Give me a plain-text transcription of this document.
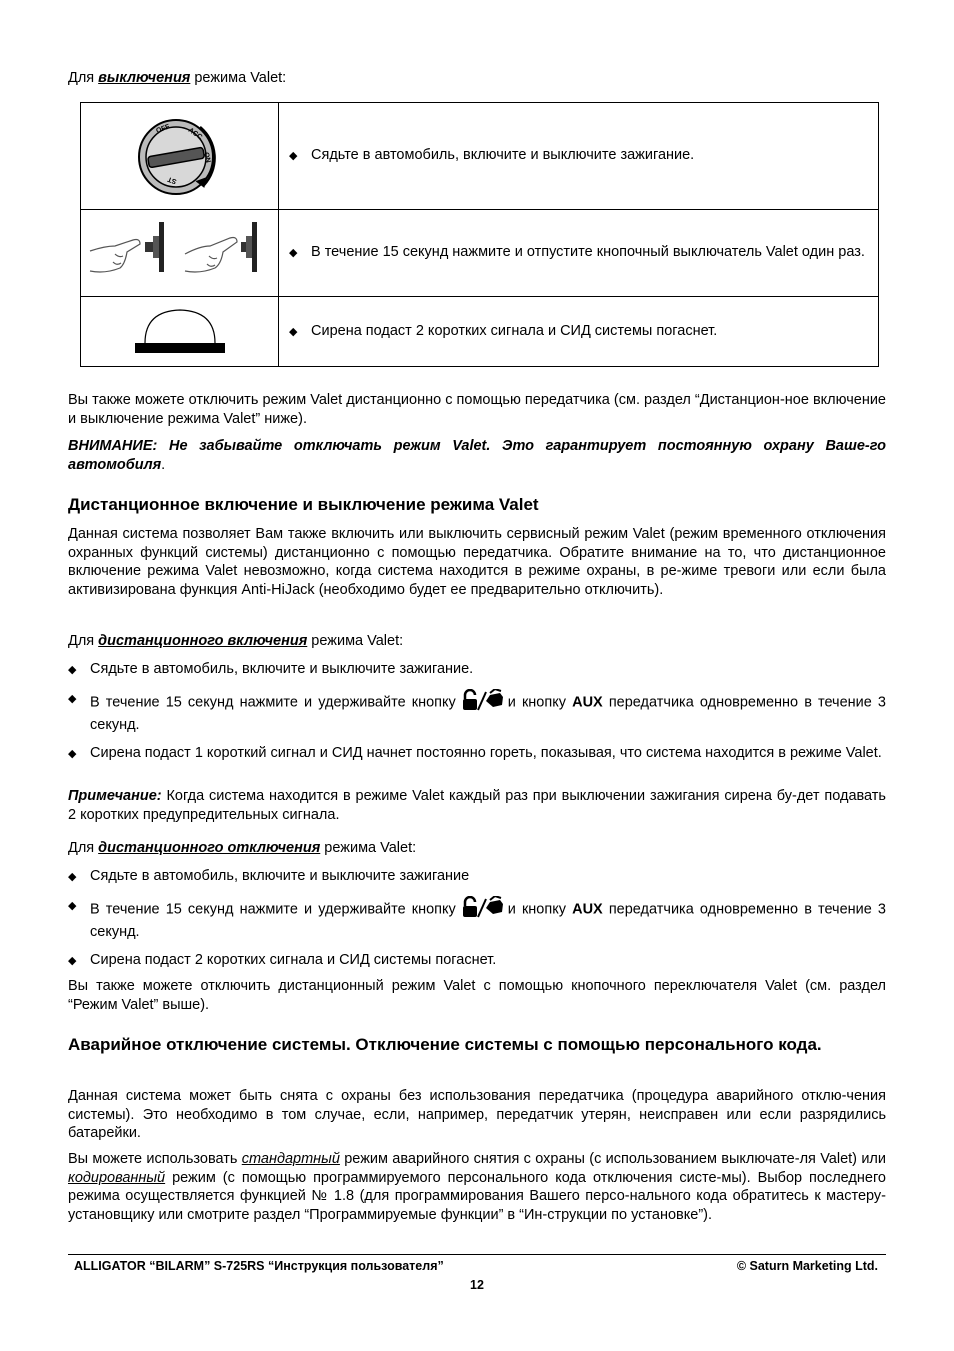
Для выключения режима Valet:

OFF ACC
ON
ST	◆ Сядьте в автомобиль, включите и выключите зажигание.

◆ В течение 15 секунд нажмите и отпустите кнопочный выключатель Valet один раз.

◆ Сирена подаст 2 коротких сигнала и СИД системы погаснет.

Вы также можете отключить режим Valet дистанционно с помощью передатчика (см. раздел “Дистанцион-ное включение и выключение режима Valet” ниже).

ВНИМАНИЕ: Не забывайте отключать режим Valet. Это гарантирует постоянную охрану Ваше-го автомобиля.

Дистанционное включение и выключение режима Valet

Данная система позволяет Вам также включить или выключить сервисный режим Valet (режим временного отключения охранных функций системы) дистанционно с помощью передатчика. Обратите внимание на то, что дистанционное включение режима Valet невозможно, когда система находится в режиме охраны, в ре-жиме тревоги или если была активизирована функция Anti-HiJack (необходимо будет ее предварительно отключить).

Для дистанционного включения режима Valet:

◆ Сядьте в автомобиль, включите и выключите зажигание.
◆ В течение 15 секунд нажмите и удерживайте кнопку	и кнопку AUX передатчика одновременно в течение 3 секунд.
◆ Сирена подаст 1 короткий сигнал и СИД начнет постоянно гореть, показывая, что система находится в режиме Valet.

Примечание: Когда система находится в режиме Valet каждый раз при выключении зажигания сирена бу-дет подавать 2 коротких предупредительных сигнала.

Для дистанционного отключения режима Valet:

◆ Сядьте в автомобиль, включите и выключите зажигание
◆ В течение 15 секунд нажмите и удерживайте кнопку	и кнопку AUX передатчика одновременно в течение 3 секунд.
◆ Сирена подаст 2 коротких сигнала и СИД системы погаснет.

Вы также можете отключить дистанционный режим Valet с помощью кнопочного переключателя Valet (см. раздел “Режим Valet” выше).

Аварийное отключение системы. Отключение системы с помощью персонального кода.

Данная система может быть снята с охраны без использования передатчика (процедура аварийного отклю-чения системы). Это необходимо в том случае, если, например, передатчик утерян, неисправен или если разрядились батарейки.

Вы можете использовать стандартный режим аварийного снятия с охраны (с использованием выключате-ля Valet) или кодированный режим (с помощью программируемого персонального кода отключения систе-мы). Выбор последнего режима осуществляется функцией № 1.8 (для программирования Вашего персо-нального кода обратитесь к мастеру-установщику или смотрите раздел “Программируемые функции” в “Ин-струкции по установке”).

ALLIGATOR “BILARM” S-725RS “Инструкция пользователя”	© Saturn Marketing Ltd.
12
